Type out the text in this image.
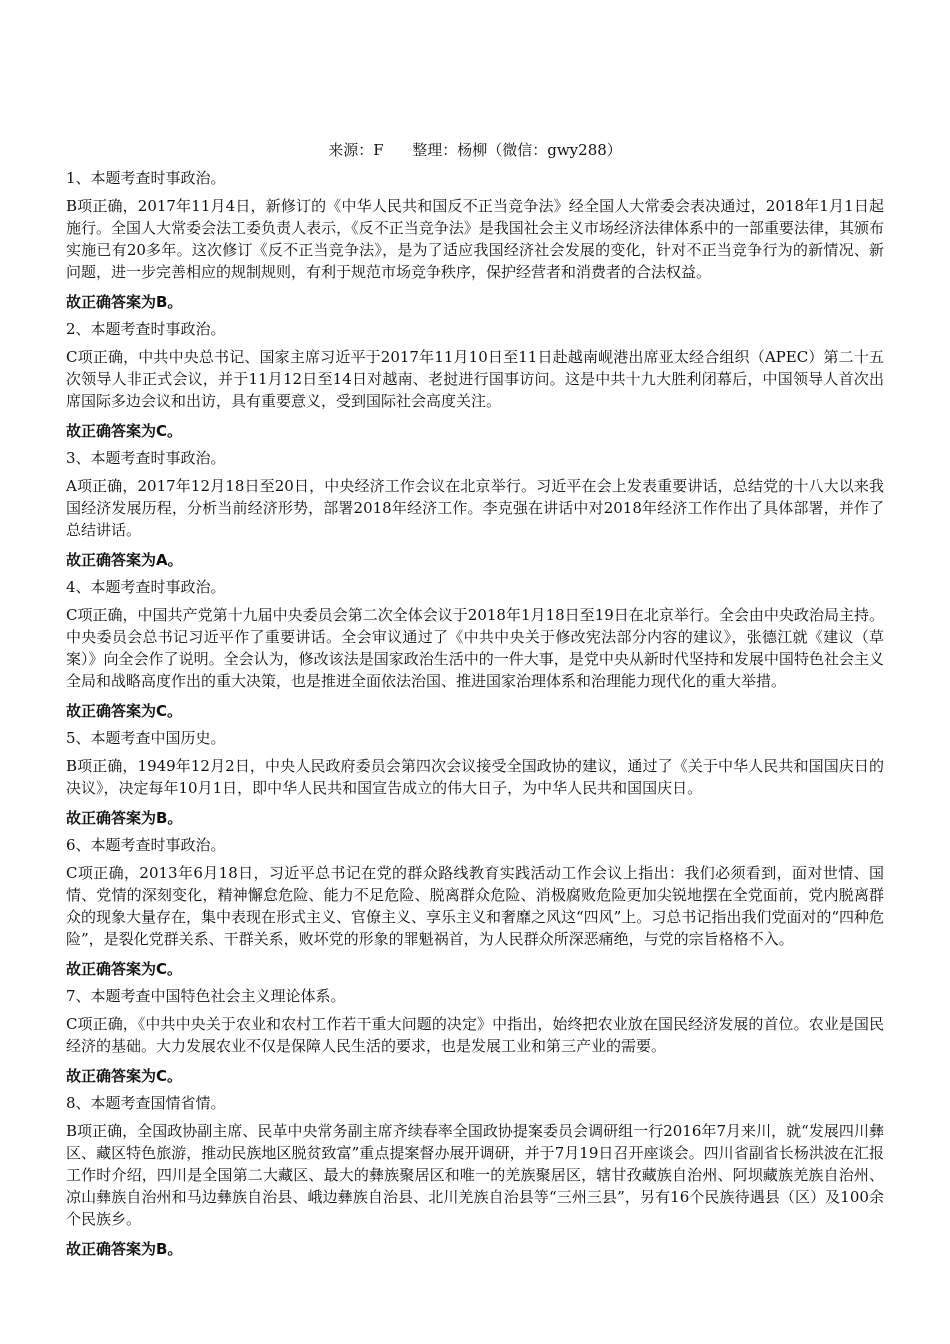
来源：F 整理：杨柳（微信：gwy288）
1、本题考查时事政治。
B项正确，2017年11月4日，新修订的《中华人民共和国反不正当竞争法》经全国人大常委会表决通过，2018年1月1日起施行。全国人大常委会法工委负责人表示，《反不正当竞争法》是我国社会主义市场经济法律体系中的一部重要法律，其颁布实施已有20多年。这次修订《反不正当竞争法》，是为了适应我国经济社会发展的变化，针对不正当竞争行为的新情况、新问题，进一步完善相应的规制规则，有利于规范市场竞争秩序，保护经营者和消费者的合法权益。
故正确答案为B。
2、本题考查时事政治。
C项正确，中共中央总书记、国家主席习近平于2017年11月10日至11日赴越南岘港出席亚太经合组织（APEC）第二十五次领导人非正式会议，并于11月12日至14日对越南、老挝进行国事访问。这是中共十九大胜利闭幕后，中国领导人首次出席国际多边会议和出访，具有重要意义，受到国际社会高度关注。
故正确答案为C。
3、本题考查时事政治。
A项正确，2017年12月18日至20日，中央经济工作会议在北京举行。习近平在会上发表重要讲话，总结党的十八大以来我国经济发展历程，分析当前经济形势，部署2018年经济工作。李克强在讲话中对2018年经济工作作出了具体部署，并作了总结讲话。
故正确答案为A。
4、本题考查时事政治。
C项正确，中国共产党第十九届中央委员会第二次全体会议于2018年1月18日至19日在北京举行。全会由中央政治局主持。中央委员会总书记习近平作了重要讲话。全会审议通过了《中共中央关于修改宪法部分内容的建议》，张德江就《建议（草案）》向全会作了说明。全会认为，修改该法是国家政治生活中的一件大事，是党中央从新时代坚持和发展中国特色社会主义全局和战略高度作出的重大决策，也是推进全面依法治国、推进国家治理体系和治理能力现代化的重大举措。
故正确答案为C。
5、本题考查中国历史。
B项正确，1949年12月2日，中央人民政府委员会第四次会议接受全国政协的建议，通过了《关于中华人民共和国国庆日的决议》，决定每年10月1日，即中华人民共和国宣告成立的伟大日子，为中华人民共和国国庆日。
故正确答案为B。
6、本题考查时事政治。
C项正确，2013年6月18日，习近平总书记在党的群众路线教育实践活动工作会议上指出：我们必须看到，面对世情、国情、党情的深刻变化，精神懈怠危险、能力不足危险、脱离群众危险、消极腐败危险更加尖锐地摆在全党面前，党内脱离群众的现象大量存在，集中表现在形式主义、官僚主义、享乐主义和奢靡之风这“四风”上。习总书记指出我们党面对的“四种危险”，是裂化党群关系、干群关系，败坏党的形象的罪魁祸首，为人民群众所深恶痛绝，与党的宗旨格格不入。
故正确答案为C。
7、本题考查中国特色社会主义理论体系。
C项正确，《中共中央关于农业和农村工作若干重大问题的决定》中指出，始终把农业放在国民经济发展的首位。农业是国民经济的基础。大力发展农业不仅是保障人民生活的要求，也是发展工业和第三产业的需要。
故正确答案为C。
8、本题考查国情省情。
B项正确，全国政协副主席、民革中央常务副主席齐续春率全国政协提案委员会调研组一行2016年7月来川，就“发展四川彝区、藏区特色旅游，推动民族地区脱贫致富”重点提案督办展开调研，并于7月19日召开座谈会。四川省副省长杨洪波在汇报工作时介绍，四川是全国第二大藏区、最大的彝族聚居区和唯一的羌族聚居区，辖甘孜藏族自治州、阿坝藏族羌族自治州、凉山彝族自治州和马边彝族自治县、峨边彝族自治县、北川羌族自治县等“三州三县”，另有16个民族待遇县（区）及100余个民族乡。
故正确答案为B。
